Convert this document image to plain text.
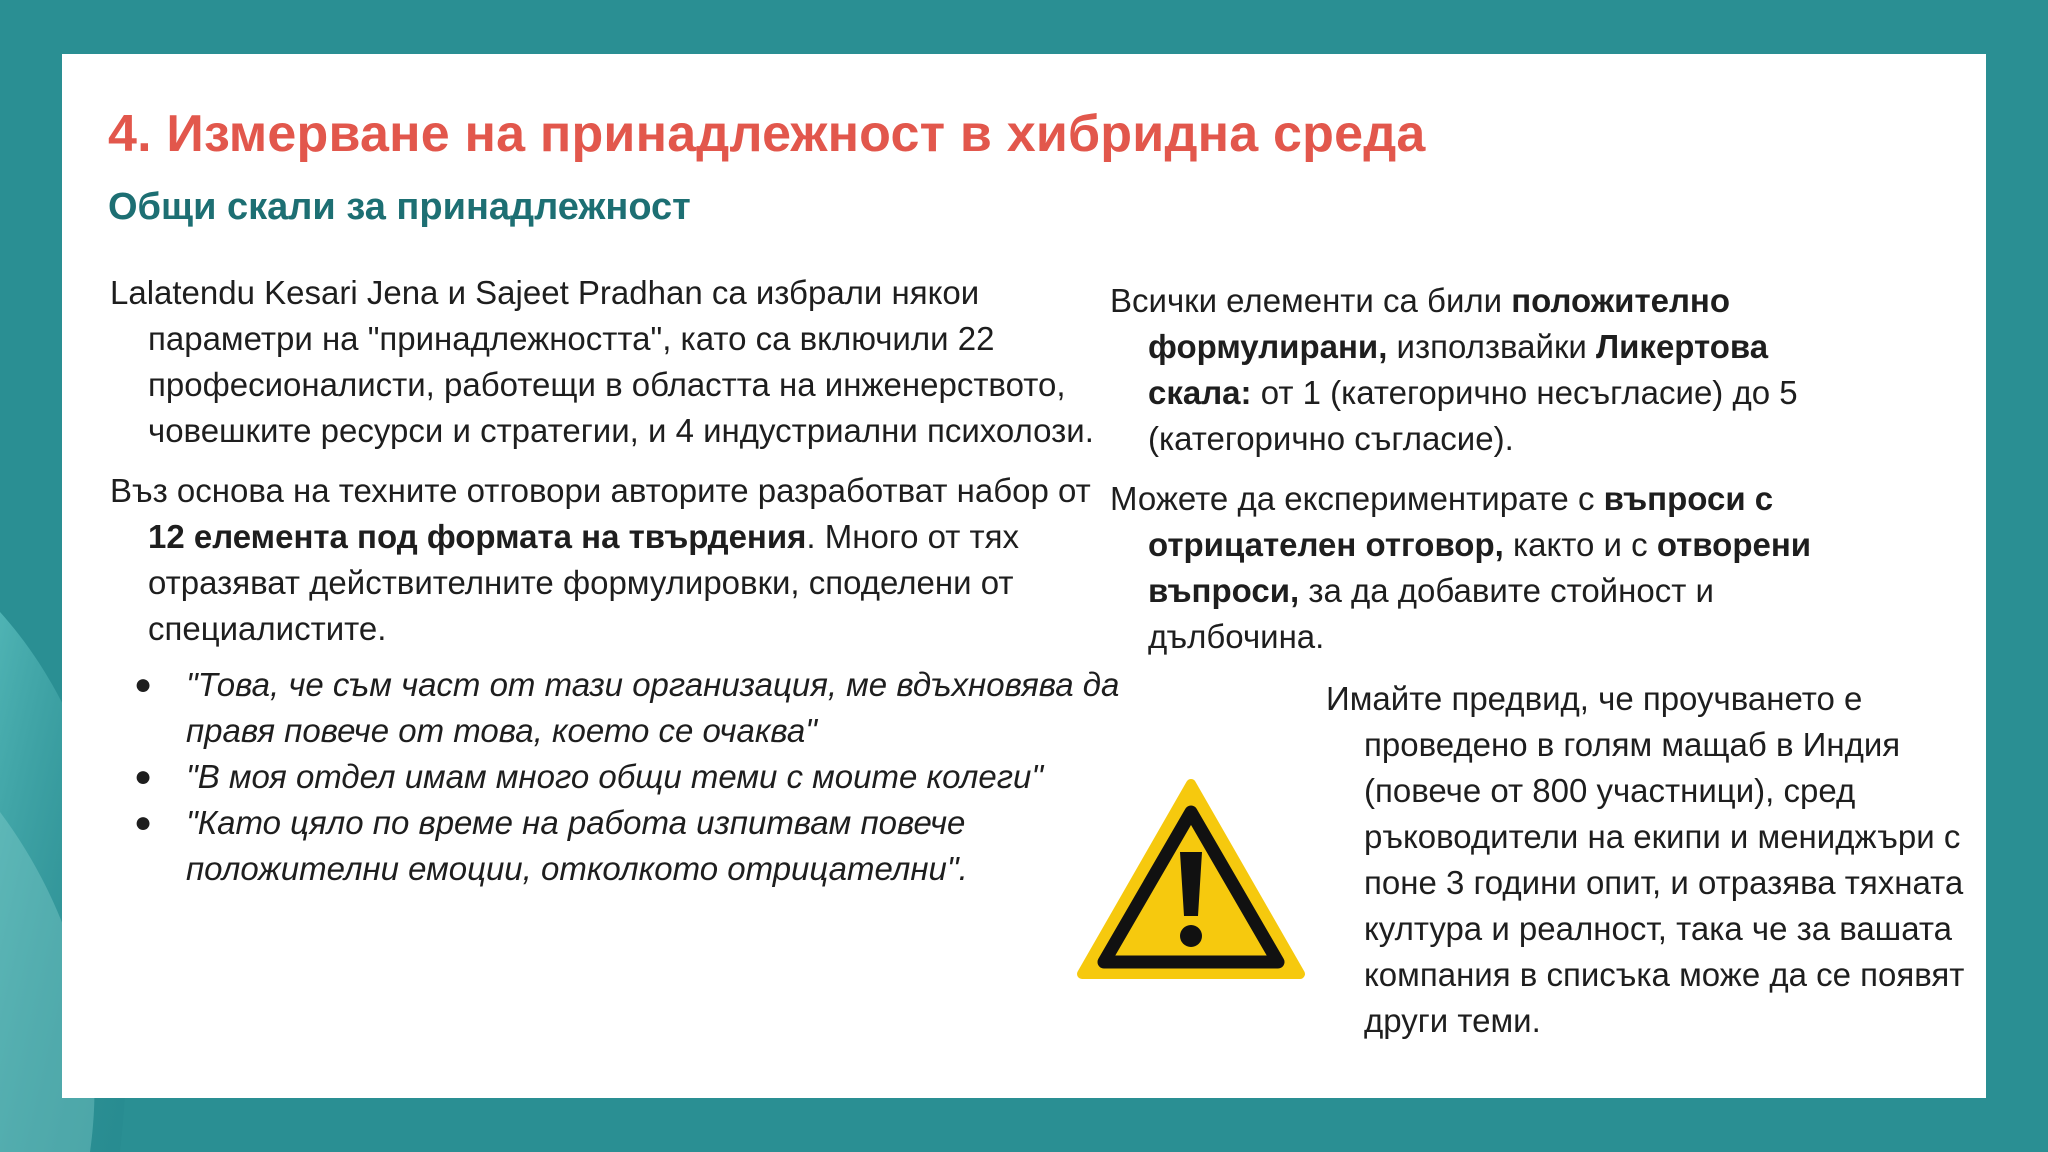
4. Измерване на принадлежност в хибридна среда
Общи скали за принадлежност

Lalatendu Kesari Jena и Sajeet Pradhan са избрали някои параметри на "принадлежността", като са включили 22 професионалисти, работещи в областта на инженерството, човешките ресурси и стратегии, и 4 индустриални психолози.

Въз основа на техните отговори авторите разработват набор от 12 елемента под формата на твърдения. Много от тях отразяват действителните формулировки, споделени от специалистите.

● "Това, че съм част от тази организация, ме вдъхновява да правя повече от това, което се очаква"
● "В моя отдел имам много общи теми с моите колеги"
● "Като цяло по време на работа изпитвам повече положителни емоции, отколкото отрицателни".

Всички елементи са били положително формулирани, използвайки Ликертова скала: от 1 (категорично несъгласие) до 5 (категорично съгласие).

Можете да експериментирате с въпроси с отрицателен отговор, както и с отворени въпроси, за да добавите стойност и дълбочина.

Имайте предвид, че проучването е проведено в голям мащаб в Индия (повече от 800 участници), сред ръководители на екипи и мениджъри с поне 3 години опит, и отразява тяхната култура и реалност, така че за вашата компания в списъка може да се появят други теми.
